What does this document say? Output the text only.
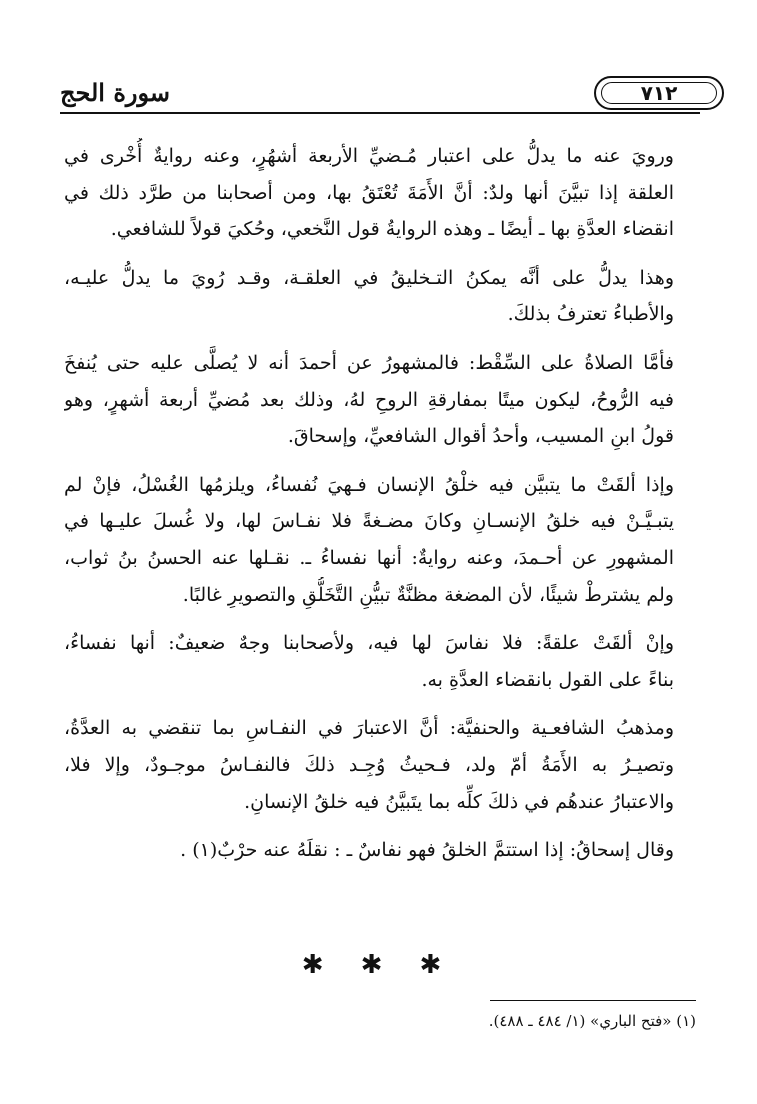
سورة الحج	٧١٢

ورويَ عنه ما يدلُّ على اعتبار مُـضيِّ الأربعة أشهُرٍ، وعنه روايةٌ أُخْرى في
العلقة إذا تبيَّنَ أنها ولدٌ: أنَّ الأَمَةَ تُعْتَقُ بها، ومن أصحابنا من طرَّد ذلك في
انقضاء العدَّةِ بها ـ أيضًا ـ وهذه الروايةُ قول النَّخعي، وحُكيَ قولاً للشافعي.

وهذا يدلُّ على أنَّه يمكنُ التـخليقُ في العلقـة، وقـد رُويَ ما يدلُّ عليـه،
والأطباءُ تعترفُ بذلكَ.

فأمَّا الصلاةُ على السِّقْط: فالمشهورُ عن أحمدَ أنه لا يُصلَّى عليه حتى يُنفخَ
فيه الرُّوحُ، ليكون ميتًا بمفارقةِ الروحِ لهُ، وذلك بعد مُضيِّ أربعة أشهرٍ، وهو
قولُ ابنِ المسيب، وأحدُ أقوال الشافعيِّ، وإسحاقَ.

وإذا ألقَتْ ما يتبيَّن فيه خلْقُ الإنسان فـهيَ نُفساءُ، ويلزمُها الغُسْلُ، فإنْ لم
يتبـيَّـنْ فيه خلقُ الإنسـانِ وكانَ مضـغةً فلا نفـاسَ لها، ولا غُسلَ عليـها في
المشهورِ عن أحـمدَ، وعنه روايةٌ: أنها نفساءُ ـ. نقـلها عنه الحسنُ بنُ ثواب،
ولم يشترطْ شيئًا، لأن المضغة مظنَّةٌ تبيُّنِ التَّخَلُّقِ والتصويرِ غالبًا.

وإنْ ألقَتْ علقةً: فلا نفاسَ لها فيه، ولأصحابنا وجهٌ ضعيفٌ: أنها نفساءُ،
بناءً على القول بانقضاء العدَّةِ به.

ومذهبُ الشافعـية والحنفيَّة: أنَّ الاعتبارَ في النفـاسِ بما تنقضي به العدَّةُ،
وتصيـرُ به الأَمَةُ أمّ ولد، فـحيثُ وُجِـد ذلكَ فالنفـاسُ موجـودٌ، وإلا فلا،
والاعتبارُ عندهُم في ذلكَ كلِّه بما يتَبيَّنُ فيه خلقُ الإنسانِ.

وقال إسحاقُ: إذا استتمَّ الخلقُ فهو نفاسٌ ـ : نقلَهُ عنه حرْبٌ(١) .

✱ ✱ ✱
(١) «فتح الباري» (١/ ٤٨٤ ـ ٤٨٨).
